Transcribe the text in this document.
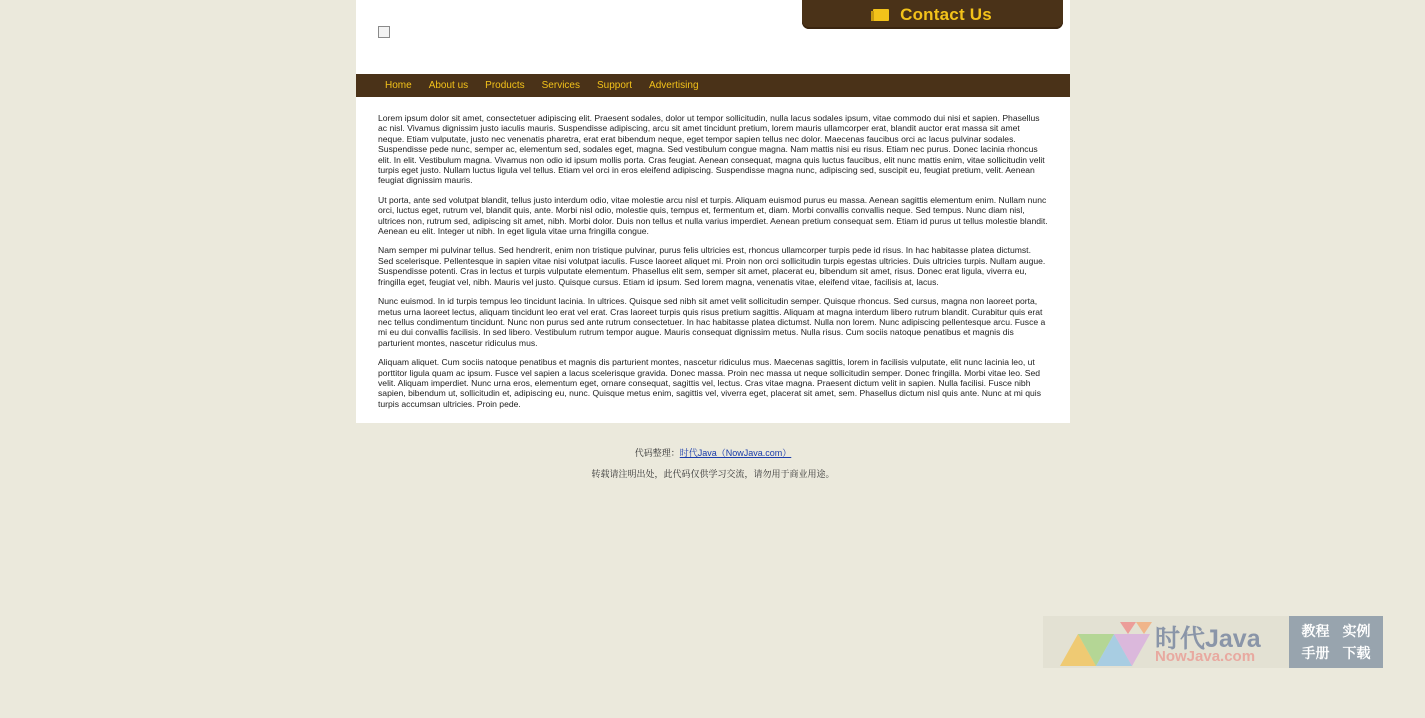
Contact Us
Home About us Products Services Support Advertising

Lorem ipsum dolor sit amet, consectetuer adipiscing elit. Praesent sodales, dolor ut tempor sollicitudin, nulla lacus sodales ipsum, vitae commodo dui nisi et sapien. Phasellus ac nisl. Vivamus dignissim justo iaculis mauris. Suspendisse adipiscing, arcu sit amet tincidunt pretium, lorem mauris ullamcorper erat, blandit auctor erat massa sit amet neque. Etiam vulputate, justo nec venenatis pharetra, erat erat bibendum neque, eget tempor sapien tellus nec dolor. Maecenas faucibus orci ac lacus pulvinar sodales. Suspendisse pede nunc, semper ac, elementum sed, sodales eget, magna. Sed vestibulum congue magna. Nam mattis nisi eu risus. Etiam nec purus. Donec lacinia rhoncus elit. In elit. Vestibulum magna. Vivamus non odio id ipsum mollis porta. Cras feugiat. Aenean consequat, magna quis luctus faucibus, elit nunc mattis enim, vitae sollicitudin velit turpis eget justo. Nullam luctus ligula vel tellus. Etiam vel orci in eros eleifend adipiscing. Suspendisse magna nunc, adipiscing sed, suscipit eu, feugiat pretium, velit. Aenean feugiat dignissim mauris.

Ut porta, ante sed volutpat blandit, tellus justo interdum odio, vitae molestie arcu nisl et turpis. Aliquam euismod purus eu massa. Aenean sagittis elementum enim. Nullam nunc orci, luctus eget, rutrum vel, blandit quis, ante. Morbi nisl odio, molestie quis, tempus et, fermentum et, diam. Morbi convallis convallis neque. Sed tempus. Nunc diam nisl, ultrices non, rutrum sed, adipiscing sit amet, nibh. Morbi dolor. Duis non tellus et nulla varius imperdiet. Aenean pretium consequat sem. Etiam id purus ut tellus molestie blandit. Aenean eu elit. Integer ut nibh. In eget ligula vitae urna fringilla congue.

Nam semper mi pulvinar tellus. Sed hendrerit, enim non tristique pulvinar, purus felis ultricies est, rhoncus ullamcorper turpis pede id risus. In hac habitasse platea dictumst. Sed scelerisque. Pellentesque in sapien vitae nisi volutpat iaculis. Fusce laoreet aliquet mi. Proin non orci sollicitudin turpis egestas ultricies. Duis ultricies turpis. Nullam augue. Suspendisse potenti. Cras in lectus et turpis vulputate elementum. Phasellus elit sem, semper sit amet, placerat eu, bibendum sit amet, risus. Donec erat ligula, viverra eu, fringilla eget, feugiat vel, nibh. Mauris vel justo. Quisque cursus. Etiam id ipsum. Sed lorem magna, venenatis vitae, eleifend vitae, facilisis at, lacus.

Nunc euismod. In id turpis tempus leo tincidunt lacinia. In ultrices. Quisque sed nibh sit amet velit sollicitudin semper. Quisque rhoncus. Sed cursus, magna non laoreet porta, metus urna laoreet lectus, aliquam tincidunt leo erat vel erat. Cras laoreet turpis quis risus pretium sagittis. Aliquam at magna interdum libero rutrum blandit. Curabitur quis erat nec tellus condimentum tincidunt. Nunc non purus sed ante rutrum consectetuer. In hac habitasse platea dictumst. Nulla non lorem. Nunc adipiscing pellentesque arcu. Fusce a mi eu dui convallis facilisis. In sed libero. Vestibulum rutrum tempor augue. Mauris consequat dignissim metus. Nulla risus. Cum sociis natoque penatibus et magnis dis parturient montes, nascetur ridiculus mus.

Aliquam aliquet. Cum sociis natoque penatibus et magnis dis parturient montes, nascetur ridiculus mus. Maecenas sagittis, lorem in facilisis vulputate, elit nunc lacinia leo, ut porttitor ligula quam ac ipsum. Fusce vel sapien a lacus scelerisque gravida. Donec massa. Proin nec massa ut neque sollicitudin semper. Donec fringilla. Morbi vitae leo. Sed velit. Aliquam imperdiet. Nunc urna eros, elementum eget, ornare consequat, sagittis vel, lectus. Cras vitae magna. Praesent dictum velit in sapien. Nulla facilisi. Fusce nibh sapien, bibendum ut, sollicitudin et, adipiscing eu, nunc. Quisque metus enim, sagittis vel, viverra eget, placerat sit amet, sem. Phasellus dictum nisl quis ante. Nunc at mi quis turpis accumsan ultricies. Proin pede.

代码整理：时代Java（NowJava.com）
转载请注明出处，此代码仅供学习交流，请勿用于商业用途。
时代Java
NowJava.com
教程 实例
手册 下载
